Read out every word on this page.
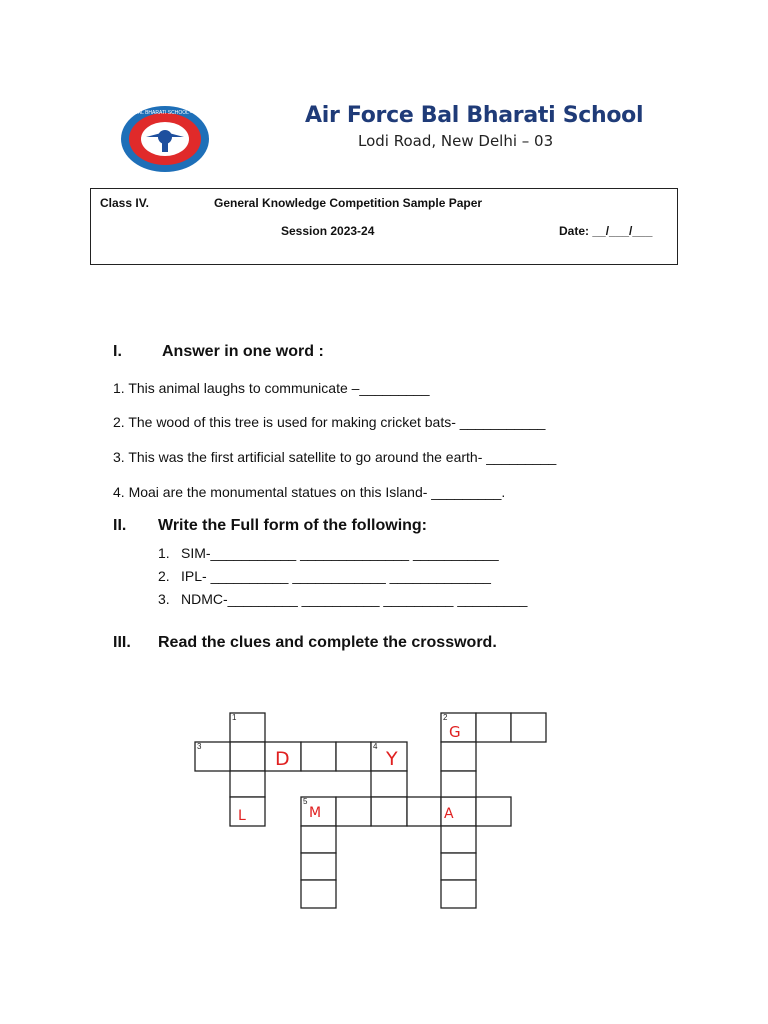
AIR FORCE BAL BHARATI SCHOOL • NEW DELHI •	Air Force Bal Bharati School
Lodi Road, New Delhi – 03
Class IV.	General Knowledge Competition Sample Paper
Session 2023-24	Date: __/___/___
I.	Answer in one word :
1. This animal laughs to communicate –_________
2. The wood of this tree is used for making cricket bats- ___________
3. This was the first artificial satellite to go around the earth- _________
4. Moai are the monumental statues on this Island- _________.
II. Write the Full form of the following:
1. SIM-___________ ______________ ___________
2. IPL- __________ ____________ _____________
3. NDMC-_________ __________ _________ _________
III. Read the clues and complete the crossword.
1	2
3	4
5
G
D	Y
L	M	A
